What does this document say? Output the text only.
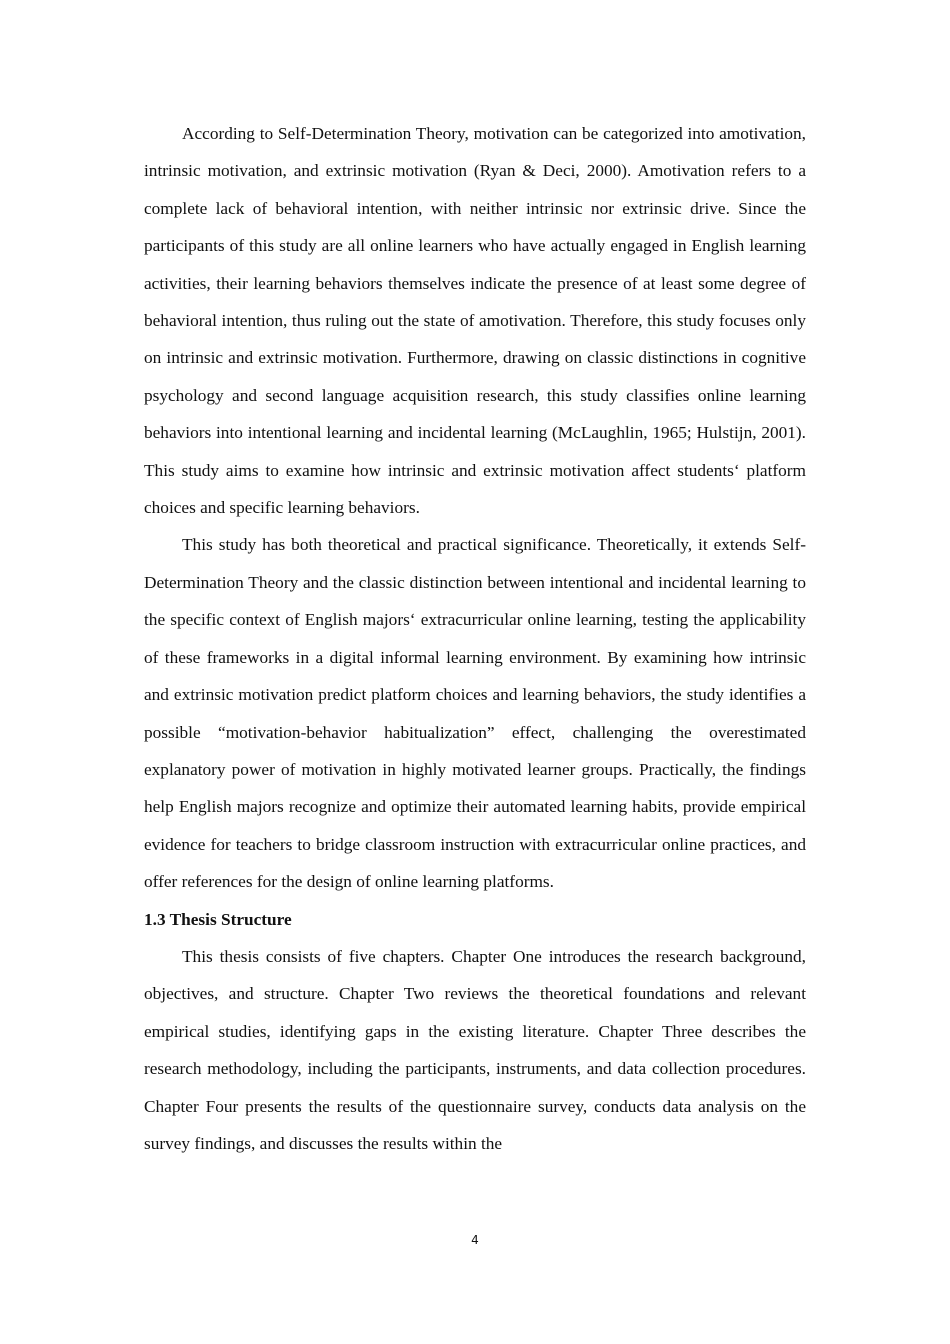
According to Self-Determination Theory, motivation can be categorized into amotivation, intrinsic motivation, and extrinsic motivation (Ryan & Deci, 2000). Amotivation refers to a complete lack of behavioral intention, with neither intrinsic nor extrinsic drive. Since the participants of this study are all online learners who have actually engaged in English learning activities, their learning behaviors themselves indicate the presence of at least some degree of behavioral intention, thus ruling out the state of amotivation. Therefore, this study focuses only on intrinsic and extrinsic motivation. Furthermore, drawing on classic distinctions in cognitive psychology and second language acquisition research, this study classifies online learning behaviors into intentional learning and incidental learning (McLaughlin, 1965; Hulstijn, 2001). This study aims to examine how intrinsic and extrinsic motivation affect students‘ platform choices and specific learning behaviors.

This study has both theoretical and practical significance. Theoretically, it extends Self-Determination Theory and the classic distinction between intentional and incidental learning to the specific context of English majors‘ extracurricular online learning, testing the applicability of these frameworks in a digital informal learning environment. By examining how intrinsic and extrinsic motivation predict platform choices and learning behaviors, the study identifies a possible “motivation-behavior habitualization” effect, challenging the overestimated explanatory power of motivation in highly motivated learner groups. Practically, the findings help English majors recognize and optimize their automated learning habits, provide empirical evidence for teachers to bridge classroom instruction with extracurricular online practices, and offer references for the design of online learning platforms.

1.3 Thesis Structure

This thesis consists of five chapters. Chapter One introduces the research background, objectives, and structure. Chapter Two reviews the theoretical foundations and relevant empirical studies, identifying gaps in the existing literature. Chapter Three describes the research methodology, including the participants, instruments, and data collection procedures. Chapter Four presents the results of the questionnaire survey, conducts data analysis on the survey findings, and discusses the results within the

4
